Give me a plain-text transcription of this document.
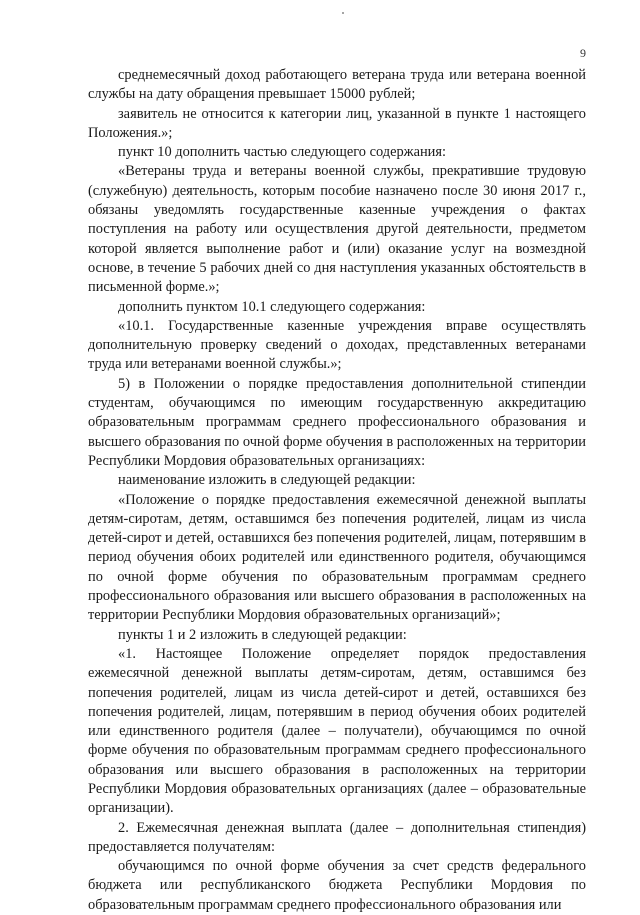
9

среднемесячный доход работающего ветерана труда или ветерана военной службы на дату обращения превышает 15000 рублей;

заявитель не относится к категории лиц, указанной в пункте 1 настоящего Положения.»;

пункт 10 дополнить частью следующего содержания:

«Ветераны труда и ветераны военной службы, прекратившие трудовую (служебную) деятельность, которым пособие назначено после 30 июня 2017 г., обязаны уведомлять государственные казенные учреждения о фактах поступления на работу или осуществления другой деятельности, предметом которой является выполнение работ и (или) оказание услуг на возмездной основе, в течение 5 рабочих дней со дня наступления указанных обстоятельств в письменной форме.»;

дополнить пунктом 10.1 следующего содержания:

«10.1. Государственные казенные учреждения вправе осуществлять дополнительную проверку сведений о доходах, представленных ветеранами труда или ветеранами военной службы.»;

5) в Положении о порядке предоставления дополнительной стипендии студентам, обучающимся по имеющим государственную аккредитацию образовательным программам среднего профессионального образования и высшего образования по очной форме обучения в расположенных на территории Республики Мордовия образовательных организациях:

наименование изложить в следующей редакции:

«Положение о порядке предоставления ежемесячной денежной выплаты детям-сиротам, детям, оставшимся без попечения родителей, лицам из числа детей-сирот и детей, оставшихся без попечения родителей, лицам, потерявшим в период обучения обоих родителей или единственного родителя, обучающимся по очной форме обучения по образовательным программам среднего профессионального образования или высшего образования в расположенных на территории Республики Мордовия образовательных организаций»;

пункты 1 и 2 изложить в следующей редакции:

«1. Настоящее Положение определяет порядок предоставления ежемесячной денежной выплаты детям-сиротам, детям, оставшимся без попечения родителей, лицам из числа детей-сирот и детей, оставшихся без попечения родителей, лицам, потерявшим в период обучения обоих родителей или единственного родителя (далее – получатели), обучающимся по очной форме обучения по образовательным программам среднего профессионального образования или высшего образования в расположенных на территории Республики Мордовия образовательных организациях (далее – образовательные организации).

2. Ежемесячная денежная выплата (далее – дополнительная стипендия) предоставляется получателям:

обучающимся по очной форме обучения за счет средств федерального бюджета или республиканского бюджета Республики Мордовия по образовательным программам среднего профессионального образования или
